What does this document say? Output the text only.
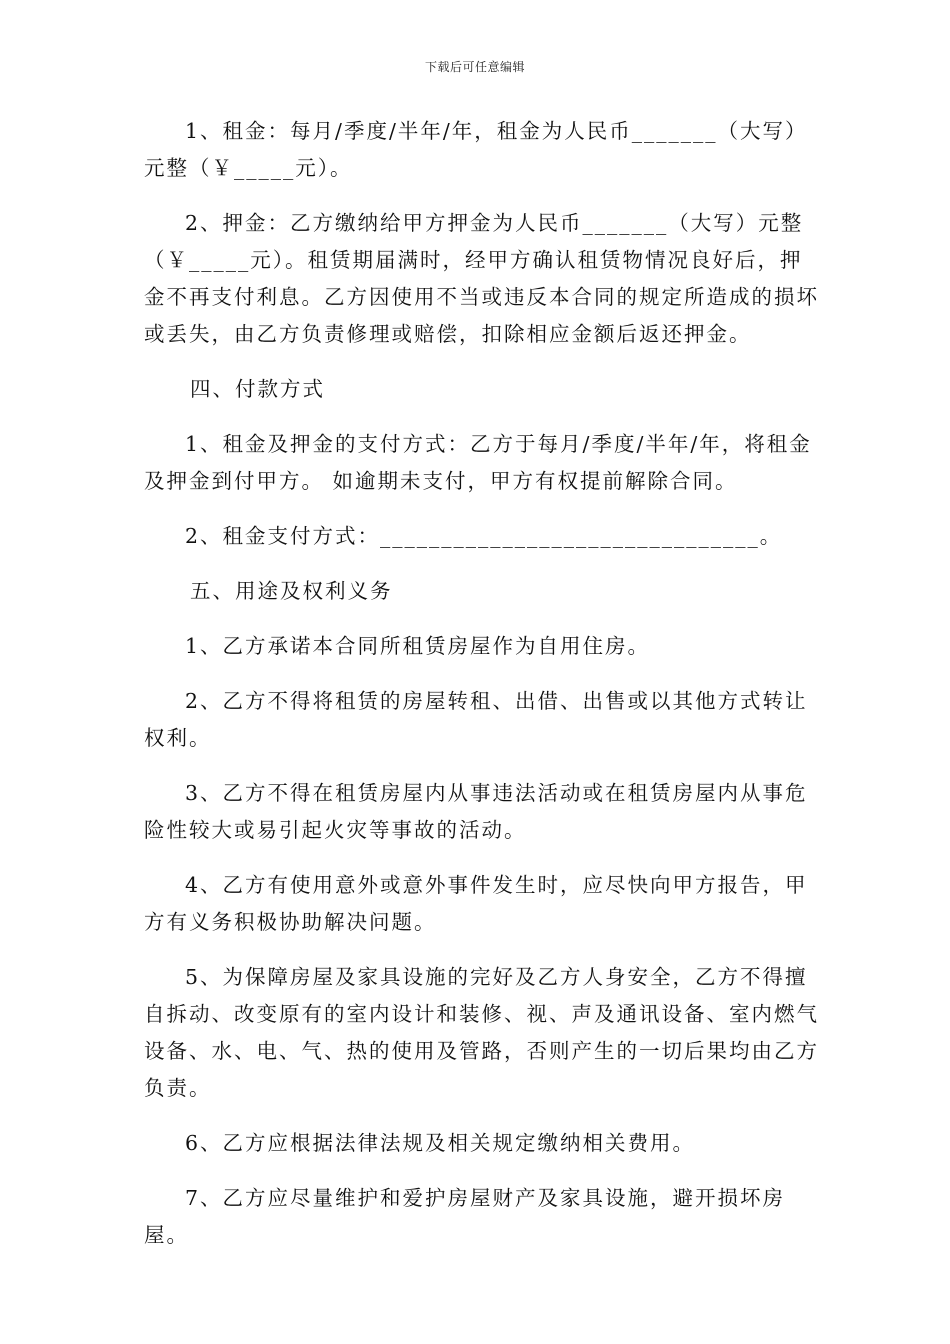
下载后可任意编辑

1、租金：每月/季度/半年/年，租金为人民币_______（大写）元整（￥_____元）。

2、押金：乙方缴纳给甲方押金为人民币_______（大写）元整（￥_____元）。租赁期届满时，经甲方确认租赁物情况良好后，押金不再支付利息。乙方因使用不当或违反本合同的规定所造成的损坏或丢失，由乙方负责修理或赔偿，扣除相应金额后返还押金。

四、付款方式

1、租金及押金的支付方式：乙方于每月/季度/半年/年，将租金及押金到付甲方。 如逾期未支付，甲方有权提前解除合同。

2、租金支付方式：_______________________________。

五、用途及权利义务

1、乙方承诺本合同所租赁房屋作为自用住房。

2、乙方不得将租赁的房屋转租、出借、出售或以其他方式转让权利。

3、乙方不得在租赁房屋内从事违法活动或在租赁房屋内从事危险性较大或易引起火灾等事故的活动。

4、乙方有使用意外或意外事件发生时，应尽快向甲方报告，甲方有义务积极协助解决问题。

5、为保障房屋及家具设施的完好及乙方人身安全，乙方不得擅自拆动、改变原有的室内设计和装修、视、声及通讯设备、室内燃气设备、水、电、气、热的使用及管路，否则产生的一切后果均由乙方负责。

6、乙方应根据法律法规及相关规定缴纳相关费用。

7、乙方应尽量维护和爱护房屋财产及家具设施，避开损坏房屋。
